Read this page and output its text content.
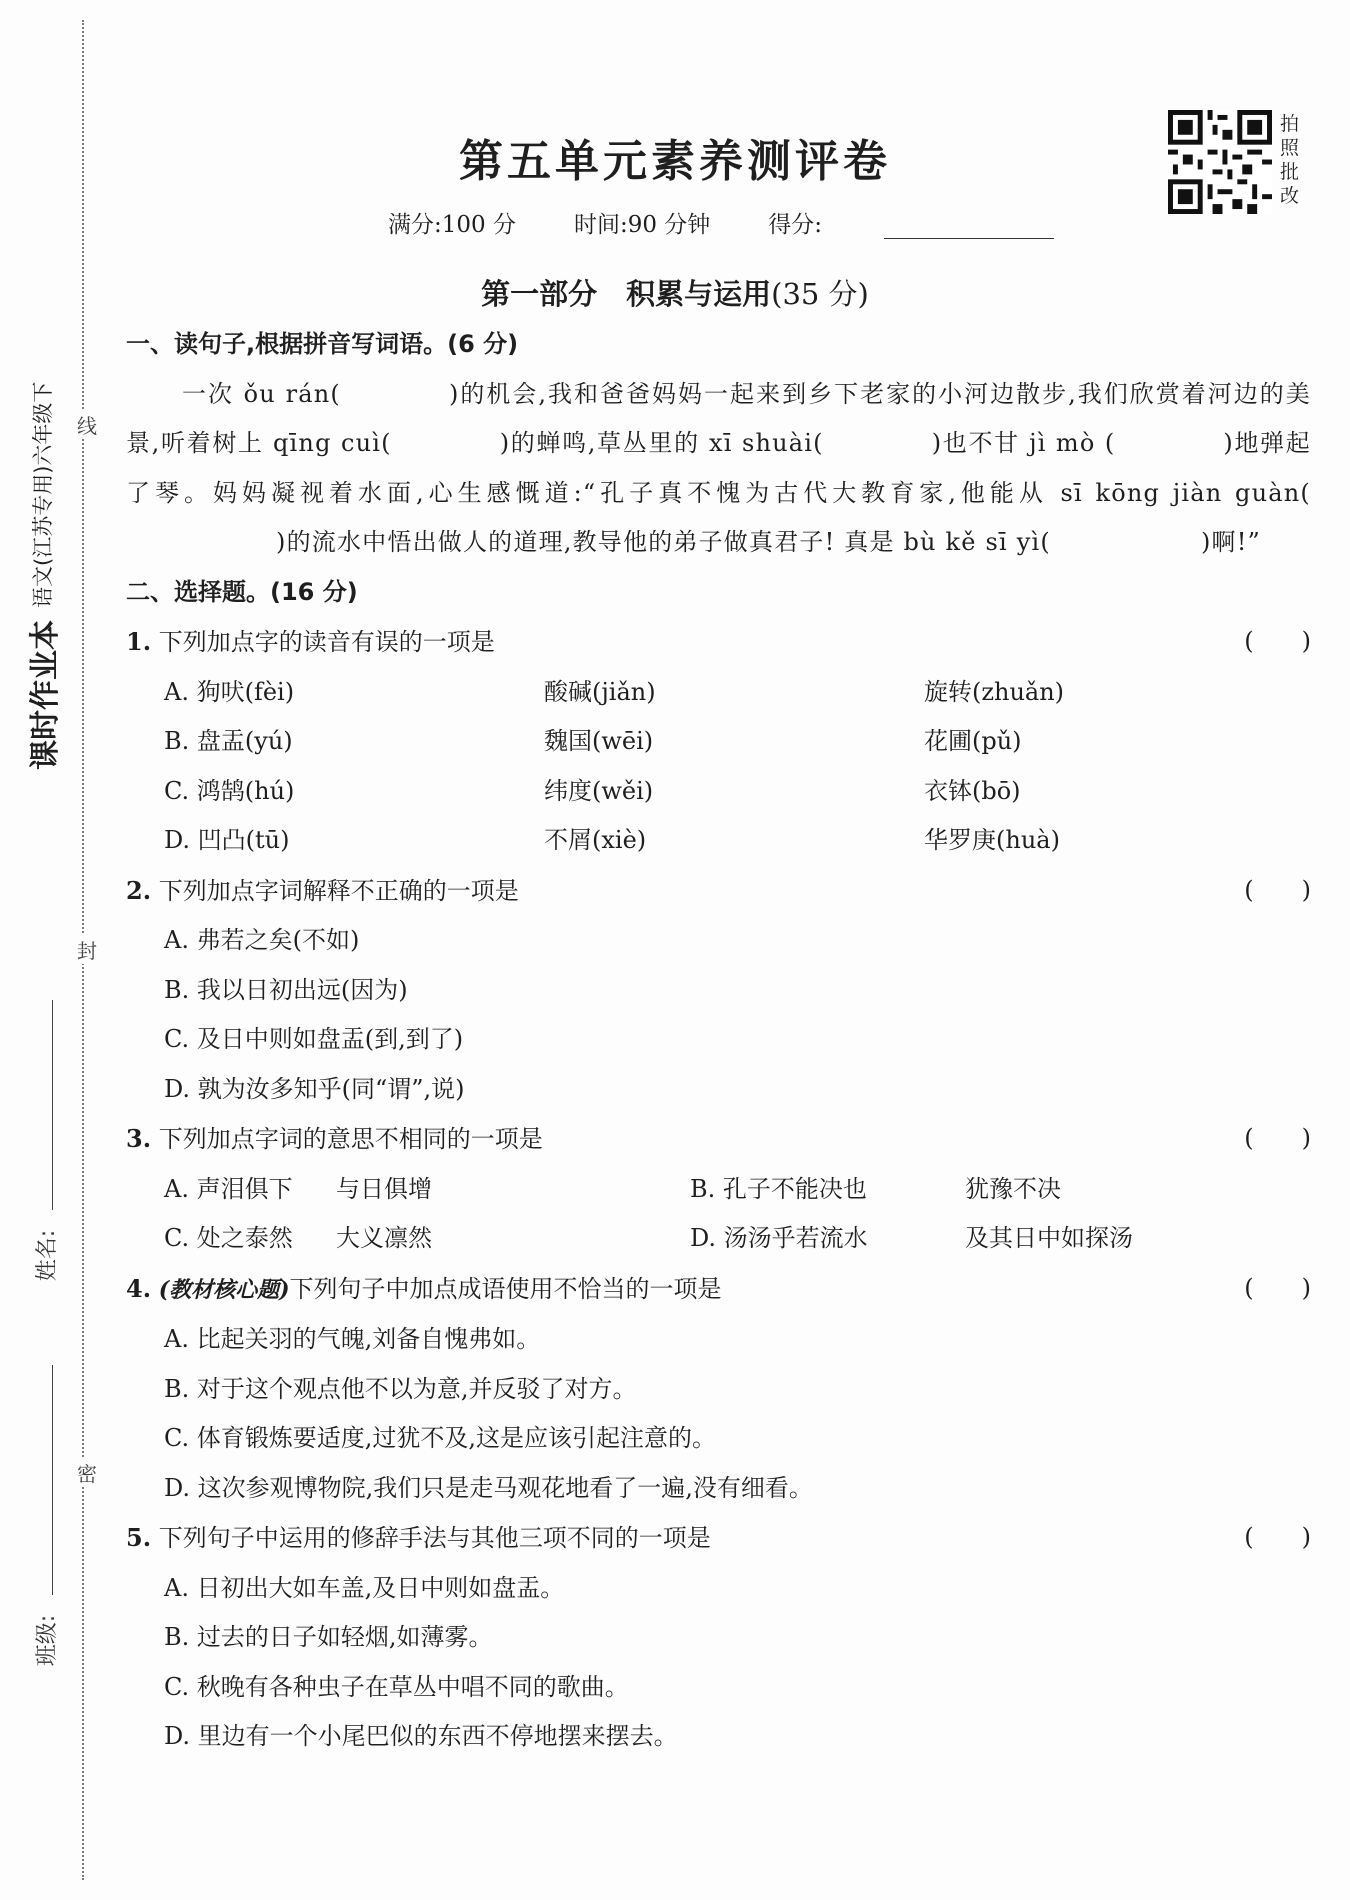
课时作业本
语文(江苏专用)六年级下 线
封
密
姓名:
班级:
拍
照
批
改
第五单元素养测评卷
满分:100 分	时间:90 分钟	得分:
第一部分　积累与运用(35 分)
一、读句子,根据拼音写词语。(6 分)
一次 ǒu rán(	)的机会,我和爸爸妈妈一起来到乡下老家的小河边散步,我们欣赏着河边的美景,听着树上 qīng cuì(	)的蝉鸣,草丛里的 xī shuài(	)也不甘 jì mò (	)地弹起了琴。妈妈凝视着水面,心生感慨道:“孔子真不愧为古代大教育家,他能从 sī kōng jiàn guàn()的流水中悟出做人的道理,教导他的弟子做真君子! 真是 bù kě sī yì(	)啊!”
二、选择题。(16 分)
1. 下列加点字的读音有误的一项是	(　　)
A. 狗吠(fèi)	酸碱(jiǎn)	旋转(zhuǎn)
B. 盘盂(yú)	魏国(wēi)	花圃(pǔ)
C. 鸿鹄(hú)	纬度(wěi)	衣钵(bō)
D. 凹凸(tū)	不屑(xiè)	华罗庚(huà)
2. 下列加点字词解释不正确的一项是	(　　)
A. 弗若之矣(不如)
B. 我以日初出远(因为)
C. 及日中则如盘盂(到,到了)
D. 孰为汝多知乎(同“谓”,说)
3. 下列加点字词的意思不相同的一项是	(　　)
A. 声泪俱下	与日俱增	B. 孔子不能决也	犹豫不决
C. 处之泰然	大义凛然	D. 汤汤乎若流水	及其日中如探汤
4. (教材核心题)下列句子中加点成语使用不恰当的一项是	(　　)
A. 比起关羽的气魄,刘备自愧弗如。
B. 对于这个观点他不以为意,并反驳了对方。
C. 体育锻炼要适度,过犹不及,这是应该引起注意的。
D. 这次参观博物院,我们只是走马观花地看了一遍,没有细看。
5. 下列句子中运用的修辞手法与其他三项不同的一项是	(　　)
A. 日初出大如车盖,及日中则如盘盂。
B. 过去的日子如轻烟,如薄雾。
C. 秋晚有各种虫子在草丛中唱不同的歌曲。
D. 里边有一个小尾巴似的东西不停地摆来摆去。
